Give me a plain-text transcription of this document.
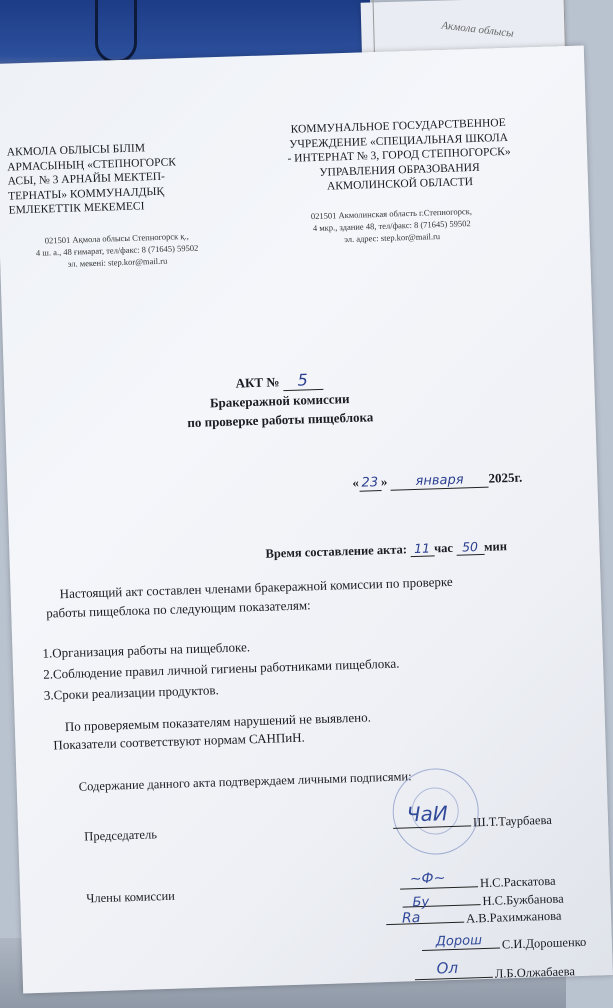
Акмола облысы
АКМОЛА ОБЛЫСЫ БІЛІМ
АРМАСЫНЫҢ «СТЕПНОГОРСК
АСЫ, № 3 АРНАЙЫ МЕКТЕП-
ТЕРНАТЫ» КОММУНАЛДЫҚ
ЕМЛЕКЕТТІК МЕКЕМЕСІ
КОММУНАЛЬНОЕ ГОСУДАРСТВЕННОЕ
УЧРЕЖДЕНИЕ «СПЕЦИАЛЬНАЯ ШКОЛА
- ИНТЕРНАТ № 3, ГОРОД СТЕПНОГОРСК»
УПРАВЛЕНИЯ ОБРАЗОВАНИЯ
АКМОЛИНСКОЙ ОБЛАСТИ
021501 Ақмола облысы Степногорск қ.,
4 ш. а., 48 ғимарат, тел/факс: 8 (71645) 59502
эл. мекені: step.kor@mail.ru
021501 Акмолинская область г.Степногорск,
4 мкр., здание 48, тел/факс: 8 (71645) 59502
эл. адрес: step.kor@mail.ru
АКТ № 5
Бракеражной комиссии
по проверке работы пищеблока
« 23 » января 2025г.
Время составление акта: 11 час 50 мин
Настоящий акт составлен членами бракеражной комиссии по проверке
работы пищеблока по следующим показателям:
1.Организация работы на пищеблоке.
2.Соблюдение правил личной гигиены работниками пищеблока.
3.Сроки реализации продуктов.
По проверяемым показателям нарушений не выявлено.
Показатели соответствуют нормам САНПиН.
Содержание данного акта подтверждаем личными подписями:
Председатель
ЧаИ Ш.Т.Таурбаева
Члены комиссии
~Ф~	Н.С.Раскатова
Бу	Н.С.Бужбанова
Ra	А.В.Рахимжанова
Дорош С.И.Дорошенко
Ол	Л.Б.Олжабаева
